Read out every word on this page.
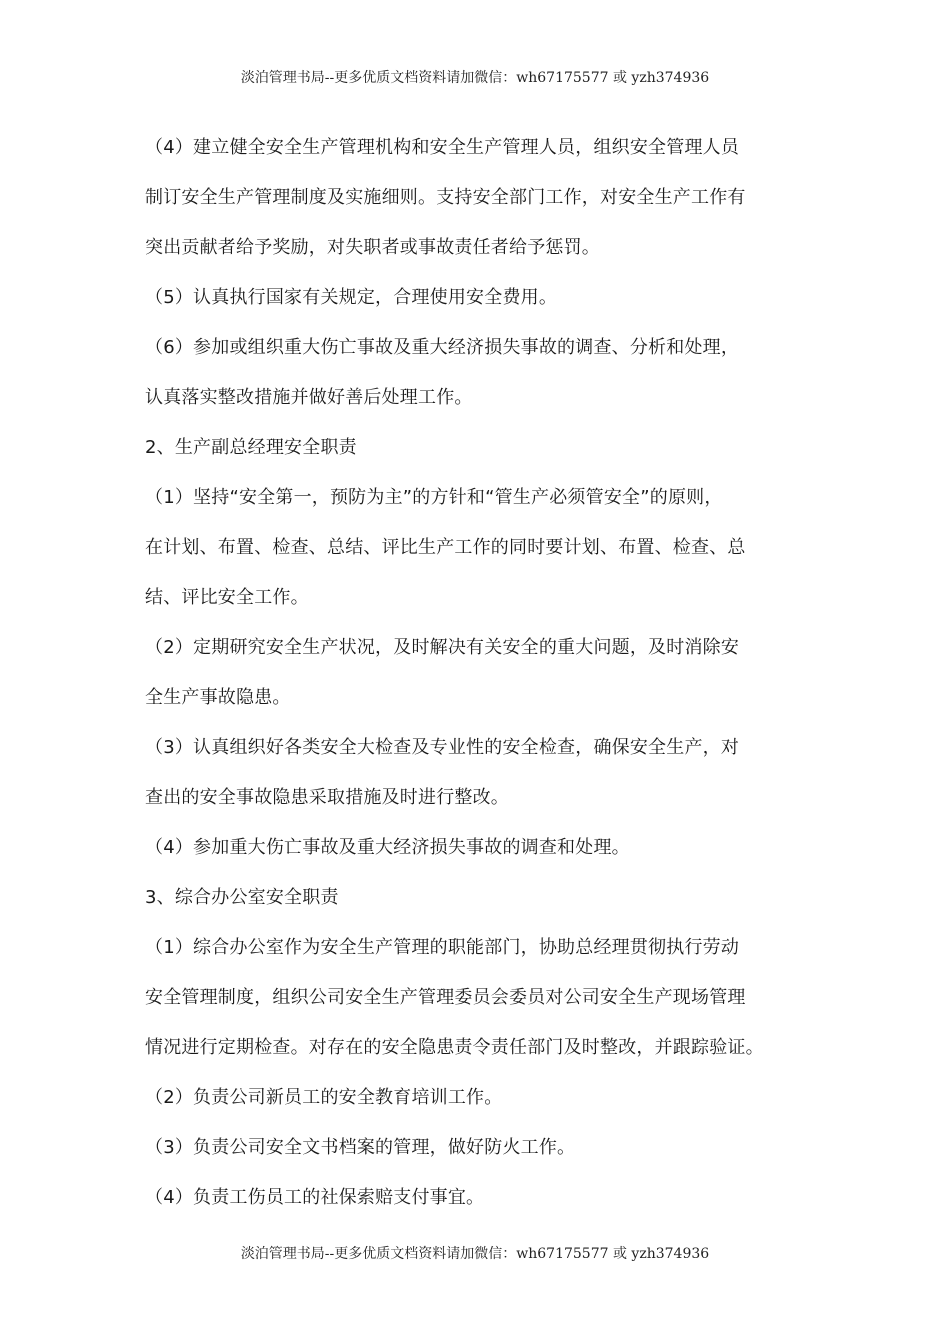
淡泊管理书局--更多优质文档资料请加微信：wh67175577 或 yzh374936
（4）建立健全安全生产管理机构和安全生产管理人员，组织安全管理人员
制订安全生产管理制度及实施细则。支持安全部门工作，对安全生产工作有
突出贡献者给予奖励，对失职者或事故责任者给予惩罚。
（5）认真执行国家有关规定，合理使用安全费用。
（6）参加或组织重大伤亡事故及重大经济损失事故的调查、分析和处理，
认真落实整改措施并做好善后处理工作。
2、生产副总经理安全职责
（1）坚持“安全第一，预防为主”的方针和“管生产必须管安全”的原则，
在计划、布置、检查、总结、评比生产工作的同时要计划、布置、检查、总
结、评比安全工作。
（2）定期研究安全生产状况，及时解决有关安全的重大问题，及时消除安
全生产事故隐患。
（3）认真组织好各类安全大检查及专业性的安全检查，确保安全生产，对
查出的安全事故隐患采取措施及时进行整改。
（4）参加重大伤亡事故及重大经济损失事故的调查和处理。
3、综合办公室安全职责
（1）综合办公室作为安全生产管理的职能部门，协助总经理贯彻执行劳动
安全管理制度，组织公司安全生产管理委员会委员对公司安全生产现场管理
情况进行定期检查。对存在的安全隐患责令责任部门及时整改，并跟踪验证。
（2）负责公司新员工的安全教育培训工作。
（3）负责公司安全文书档案的管理，做好防火工作。
（4）负责工伤员工的社保索赔支付事宜。
淡泊管理书局--更多优质文档资料请加微信：wh67175577 或 yzh374936
